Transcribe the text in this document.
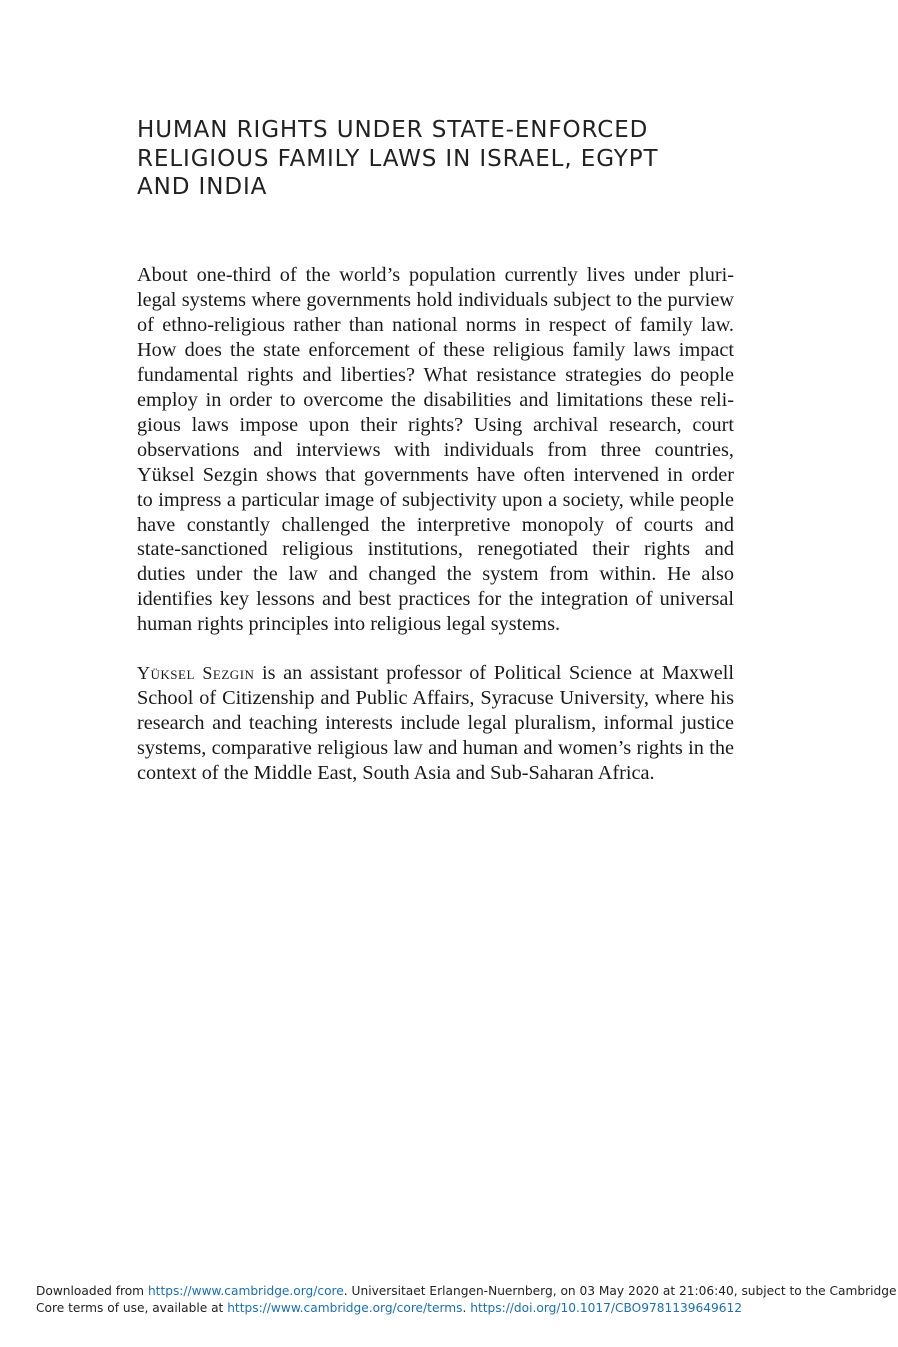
HUMAN RIGHTS UNDER STATE-ENFORCED
RELIGIOUS FAMILY LAWS IN ISRAEL, EGYPT
AND INDIA
About one-third of the world’s population currently lives under pluri-
legal systems where governments hold individuals subject to the purview
of ethno-religious rather than national norms in respect of family law.
How does the state enforcement of these religious family laws impact
fundamental rights and liberties? What resistance strategies do people
employ in order to overcome the disabilities and limitations these reli-
gious laws impose upon their rights? Using archival research, court
observations and interviews with individuals from three countries,
Yüksel Sezgin shows that governments have often intervened in order
to impress a particular image of subjectivity upon a society, while people
have constantly challenged the interpretive monopoly of courts and
state-sanctioned religious institutions, renegotiated their rights and
duties under the law and changed the system from within. He also
identifies key lessons and best practices for the integration of universal
human rights principles into religious legal systems.
Yüksel Sezgin is an assistant professor of Political Science at Maxwell
School of Citizenship and Public Affairs, Syracuse University, where his
research and teaching interests include legal pluralism, informal justice
systems, comparative religious law and human and women’s rights in the
context of the Middle East, South Asia and Sub-Saharan Africa.
Downloaded from https://www.cambridge.org/core. Universitaet Erlangen-Nuernberg, on 03 May 2020 at 21:06:40, subject to the Cambridge
Core terms of use, available at https://www.cambridge.org/core/terms. https://doi.org/10.1017/CBO9781139649612
